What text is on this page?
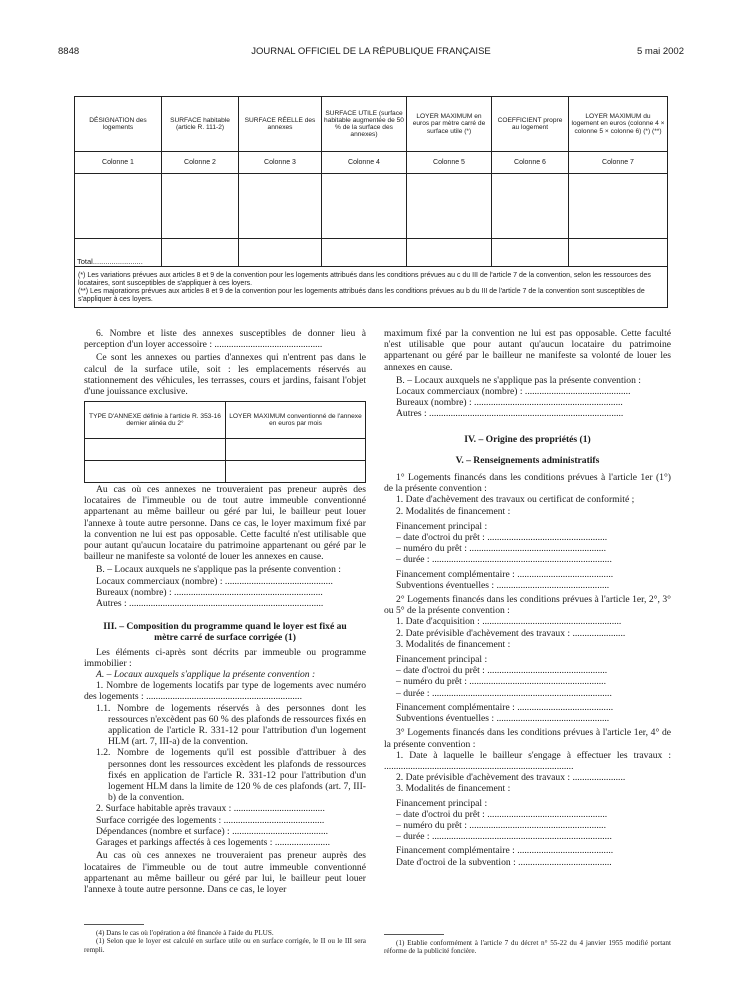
8848	JOURNAL OFFICIEL DE LA RÉPUBLIQUE FRANÇAISE	5 mai 2002
DÉSIGNATION des logements	SURFACE habitable (article R. 111-2)	SURFACE RÉELLE des annexes	SURFACE UTILE (surface habitable augmentée de 50 % de la surface des annexes)	LOYER MAXIMUM en euros par mètre carré de surface utile (*)	COEFFICIENT propre au logement	LOYER MAXIMUM du logement en euros (colonne 4 × colonne 5 × colonne 6) (*) (**)
Colonne 1	Colonne 2	Colonne 3	Colonne 4	Colonne 5	Colonne 6	Colonne 7

Total........................						

(*) Les variations prévues aux articles 8 et 9 de la convention pour les logements attribués dans les conditions prévues au c du III de l'article 7 de la convention, selon les ressources des locataires, sont susceptibles de s'appliquer à ces loyers.
(**) Les majorations prévues aux articles 8 et 9 de la convention pour les logements attribués dans les conditions prévues au b du III de l'article 7 de la convention sont susceptibles de s'appliquer à ces loyers.						

6. Nombre et liste des annexes susceptibles de donner lieu à perception d'un loyer accessoire : .............................................

Ce sont les annexes ou parties d'annexes qui n'entrent pas dans le calcul de la surface utile, soit : les emplacements réservés au stationnement des véhicules, les terrasses, cours et jardins, faisant l'objet d'une jouissance exclusive.

TYPE D'ANNEXE définie à l'article R. 353-16 dernier alinéa du 2°	LOYER MAXIMUM conventionné de l'annexe en euros par mois

Au cas où ces annexes ne trouveraient pas preneur auprès des locataires de l'immeuble ou de tout autre immeuble conventionné appartenant au même bailleur ou géré par lui, le bailleur peut louer l'annexe à toute autre personne. Dans ce cas, le loyer maximum fixé par la convention ne lui est pas opposable. Cette faculté n'est utilisable que pour autant qu'aucun locataire du patrimoine appartenant ou géré par le bailleur ne manifeste sa volonté de louer les annexes en cause.

B. – Locaux auxquels ne s'applique pas la présente convention :

Locaux commerciaux (nombre) : .............................................

Bureaux (nombre) : ..............................................................

Autres : .................................................................................

III. – Composition du programme quand le loyer est fixé au mètre carré de surface corrigée (1)

Les éléments ci-après sont décrits par immeuble ou programme immobilier :

A. – Locaux auxquels s'applique la présente convention :

1. Nombre de logements locatifs par type de logements avec numéro des logements : .................................................................

1.1. Nombre de logements réservés à des personnes dont les ressources n'excèdent pas 60 % des plafonds de ressources fixés en application de l'article R. 331-12 pour l'attribution d'un logement HLM (art. 7, III-a) de la convention.

1.2. Nombre de logements qu'il est possible d'attribuer à des personnes dont les ressources excèdent les plafonds de ressources fixés en application de l'article R. 331-12 pour l'attribution d'un logement HLM dans la limite de 120 % de ces plafonds (art. 7, III-b) de la convention.

2. Surface habitable après travaux : ......................................

Surface corrigée des logements : ..........................................

Dépendances (nombre et surface) : ........................................

Garages et parkings affectés à ces logements : .......................

Au cas où ces annexes ne trouveraient pas preneur auprès des locataires de l'immeuble ou de tout autre immeuble conventionné appartenant au même bailleur ou géré par lui, le bailleur peut louer l'annexe à toute autre personne. Dans ce cas, le loyer

(4) Dans le cas où l'opération a été financée à l'aide du PLUS.

(1) Selon que le loyer est calculé en surface utile ou en surface corrigée, le II ou le III sera rempli.

maximum fixé par la convention ne lui est pas opposable. Cette faculté n'est utilisable que pour autant qu'aucun locataire du patrimoine appartenant ou géré par le bailleur ne manifeste sa volonté de louer les annexes en cause.

B. – Locaux auxquels ne s'applique pas la présente convention :

Locaux commerciaux (nombre) : ............................................

Bureaux (nombre) : ..............................................................

Autres : .................................................................................

IV. – Origine des propriétés (1)

V. – Renseignements administratifs

1° Logements financés dans les conditions prévues à l'article 1er (1°) de la présente convention :

1. Date d'achèvement des travaux ou certificat de conformité ;

2. Modalités de financement :

Financement principal :

– date d'octroi du prêt : ..................................................

– numéro du prêt : .........................................................

– durée : ...........................................................................

Financement complémentaire : ........................................

Subventions éventuelles : ...............................................

2° Logements financés dans les conditions prévues à l'article 1er, 2°, 3° ou 5° de la présente convention :

1. Date d'acquisition : ..........................................................

2. Date prévisible d'achèvement des travaux : ......................

3. Modalités de financement :

Financement principal :

– date d'octroi du prêt : ..................................................

– numéro du prêt : .........................................................

– durée : ...........................................................................

Financement complémentaire : ........................................

Subventions éventuelles : ...............................................

3° Logements financés dans les conditions prévues à l'article 1er, 4° de la présente convention :

1. Date à laquelle le bailleur s'engage à effectuer les travaux : ...............................................................................

2. Date prévisible d'achèvement des travaux : ......................

3. Modalités de financement :

Financement principal :

– date d'octroi du prêt : ..................................................

– numéro du prêt : .........................................................

– durée : ...........................................................................

Financement complémentaire : ........................................

Date d'octroi de la subvention : .......................................

(1) Etablie conformément à l'article 7 du décret n° 55-22 du 4 janvier 1955 modifié portant réforme de la publicité foncière.
